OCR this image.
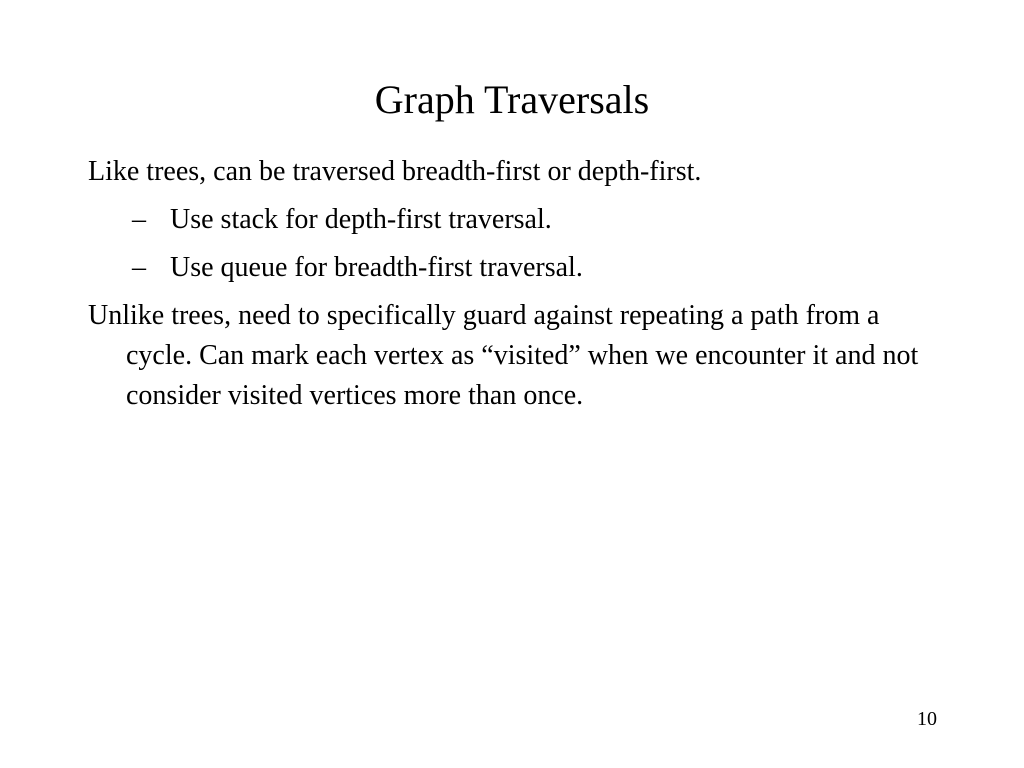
Graph Traversals

Like trees, can be traversed breadth-first or depth-first.

– Use stack for depth-first traversal.

– Use queue for breadth-first traversal.

Unlike trees, need to specifically guard against repeating a path from a cycle. Can mark each vertex as “visited” when we encounter it and not consider visited vertices more than once.

10
